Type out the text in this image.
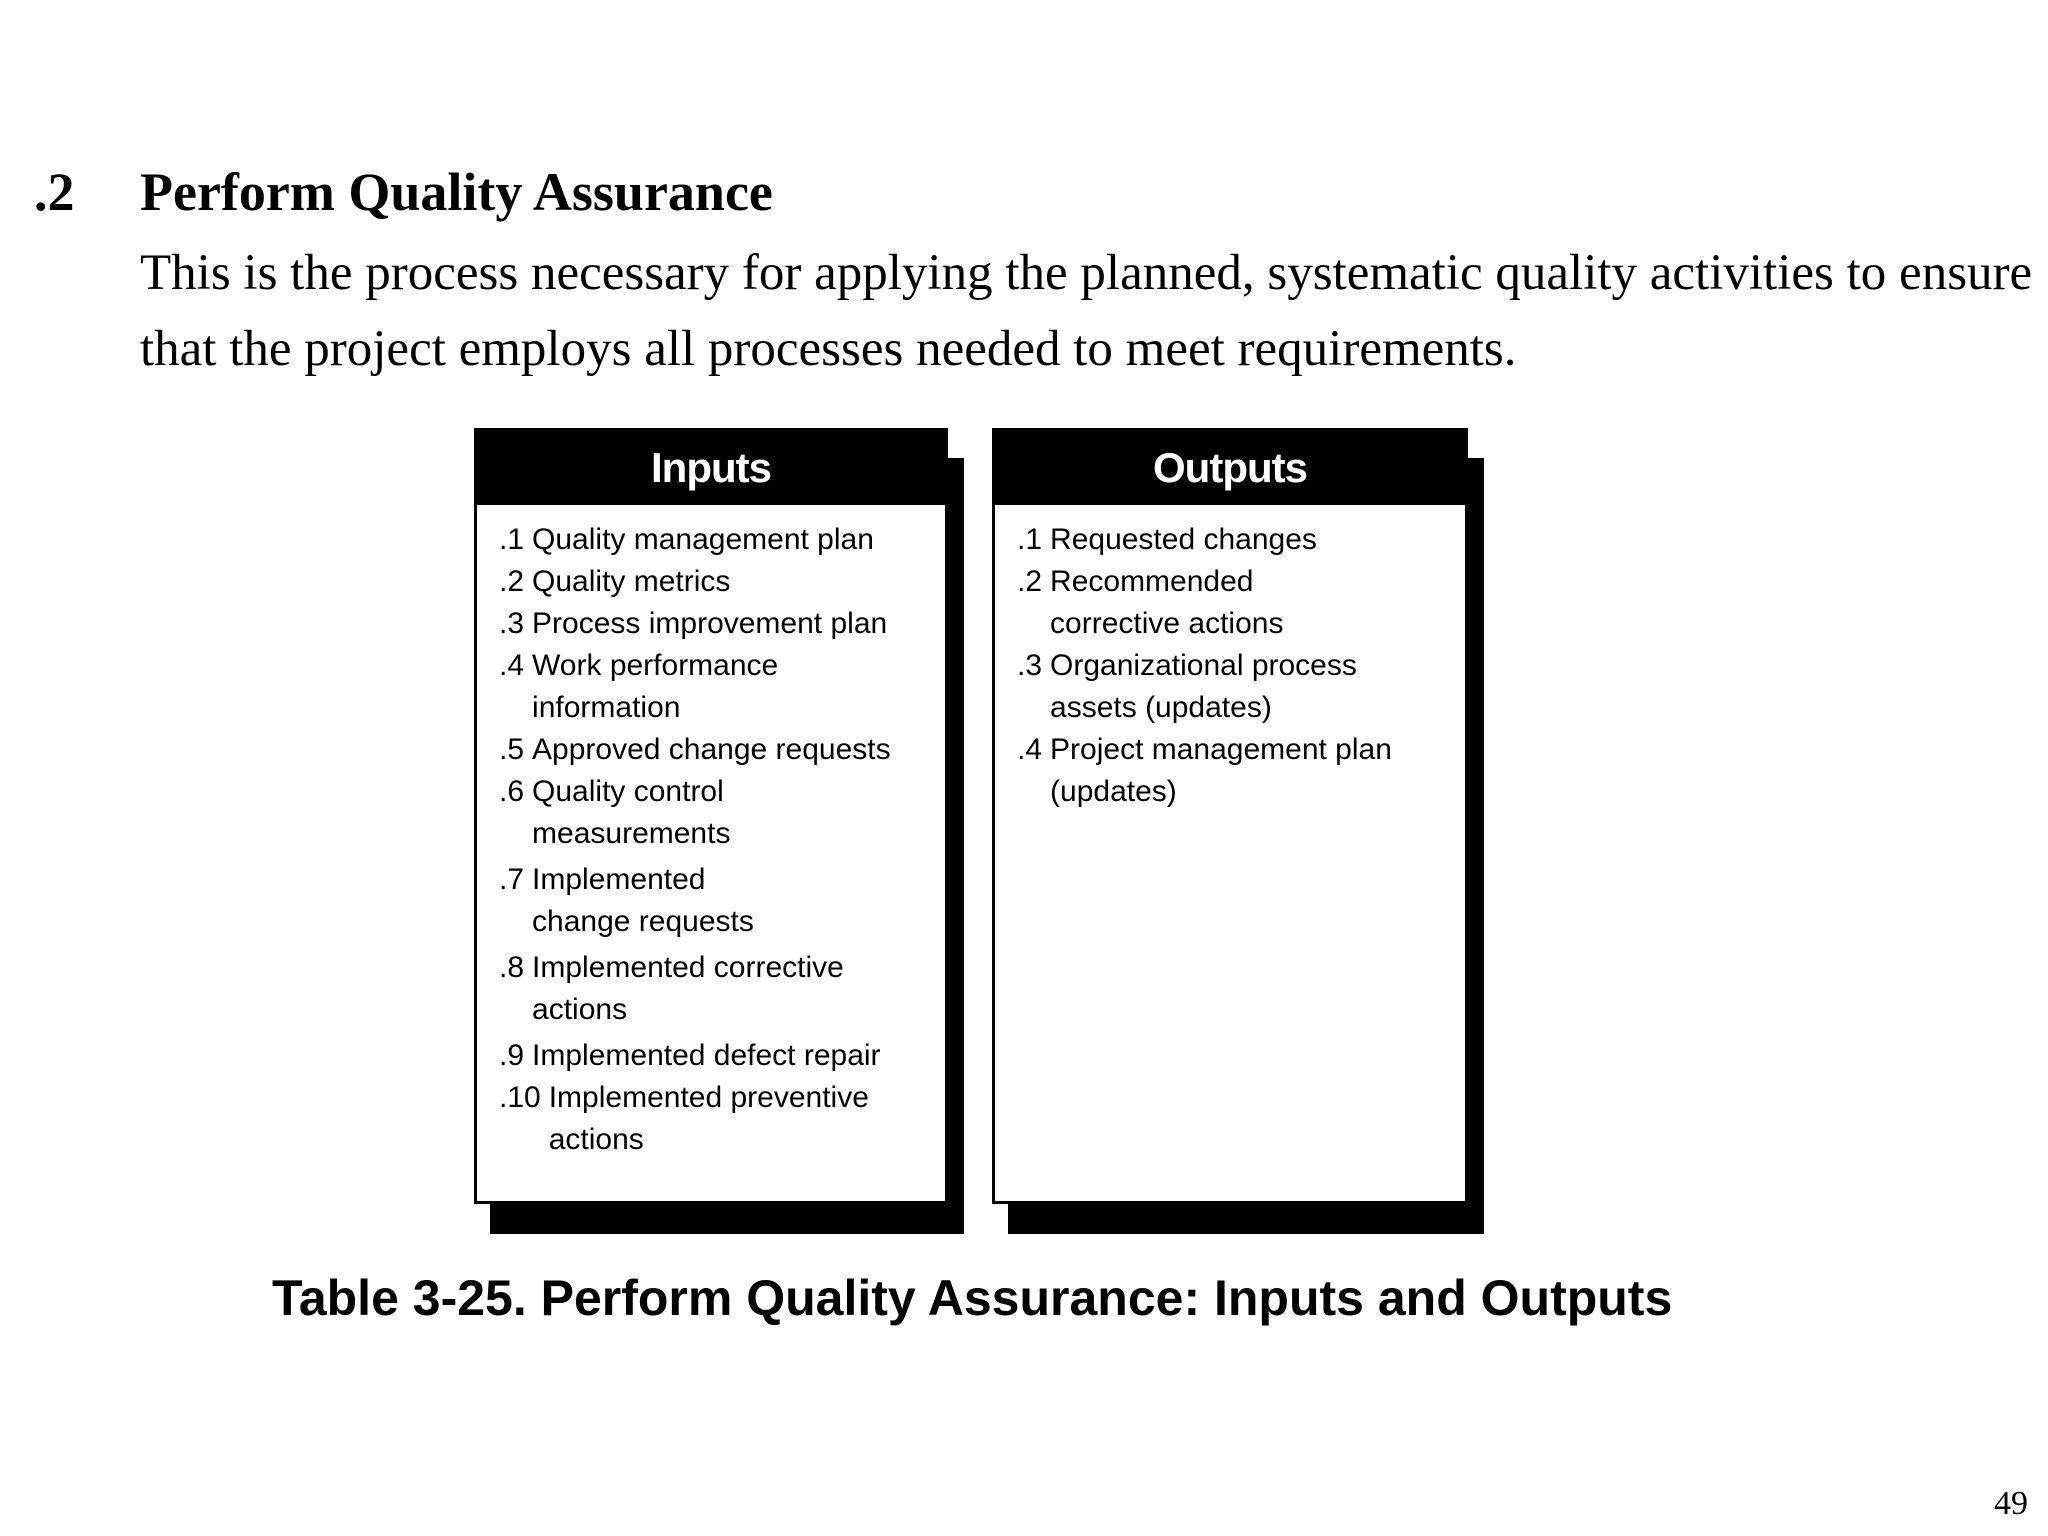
.2 Perform Quality Assurance

This is the process necessary for applying the planned, systematic quality activities to ensure that the project employs all processes needed to meet requirements.

Inputs
.1 Quality management plan
.2 Quality metrics
.3 Process improvement plan
.4 Work performance information
.5 Approved change requests
.6 Quality control measurements
.7 Implemented change requests
.8 Implemented corrective actions
.9 Implemented defect repair
.10 Implemented preventive actions
Outputs
.1 Requested changes
.2 Recommended corrective actions
.3 Organizational process assets (updates)
.4 Project management plan (updates)
Table 3-25. Perform Quality Assurance: Inputs and Outputs
49
